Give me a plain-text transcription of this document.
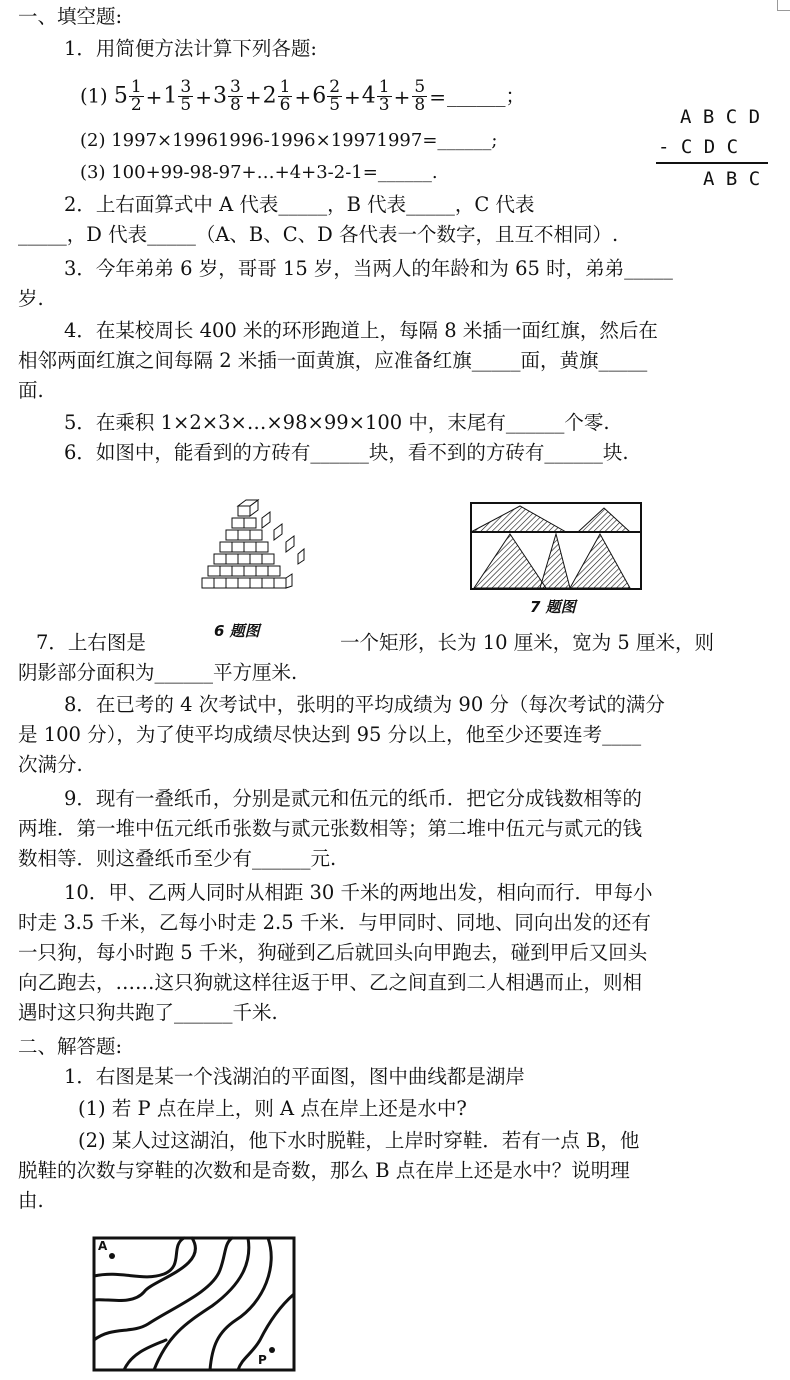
一、填空题:
1．用简便方法计算下列各题:
(1) $5 \frac{1}{2} +1 \frac{3}{5} +3 \frac{3}{8} +2 \frac{1}{6} +6 \frac{2}{5} +4 \frac{1}{3} + \frac{5}{8}$ =______；
(2) 1997×19961996-1996×19971997=______;
(3) 100+99-98-97+…+4+3-2-1=______.
A B C D
- C D C
A B C
2．上右面算式中 A 代表_____，B 代表_____，C 代表
_____，D 代表_____（A、B、C、D 各代表一个数字，且互不相同）.
3．今年弟弟 6 岁，哥哥 15 岁，当两人的年龄和为 65 时，弟弟_____
岁.
4．在某校周长 400 米的环形跑道上，每隔 8 米插一面红旗，然后在
相邻两面红旗之间每隔 2 米插一面黄旗，应准备红旗_____面，黄旗_____
面.
5．在乘积 1×2×3×…×98×99×100 中，末尾有______个零.
6．如图中，能看到的方砖有______块，看不到的方砖有______块.
6 题图
7 题图
7．上右图是	一个矩形，长为 10 厘米，宽为 5 厘米，则
阴影部分面积为______平方厘米.
8．在已考的 4 次考试中，张明的平均成绩为 90 分（每次考试的满分
是 100 分），为了使平均成绩尽快达到 95 分以上，他至少还要连考____
次满分.
9．现有一叠纸币，分别是贰元和伍元的纸币．把它分成钱数相等的
两堆．第一堆中伍元纸币张数与贰元张数相等；第二堆中伍元与贰元的钱
数相等．则这叠纸币至少有______元.
10．甲、乙两人同时从相距 30 千米的两地出发，相向而行．甲每小
时走 3.5 千米，乙每小时走 2.5 千米．与甲同时、同地、同向出发的还有
一只狗，每小时跑 5 千米，狗碰到乙后就回头向甲跑去，碰到甲后又回头
向乙跑去，……这只狗就这样往返于甲、乙之间直到二人相遇而止，则相
遇时这只狗共跑了______千米.
二、解答题:
1．右图是某一个浅湖泊的平面图，图中曲线都是湖岸
(1) 若 P 点在岸上，则 A 点在岸上还是水中?
(2) 某人过这湖泊，他下水时脱鞋，上岸时穿鞋．若有一点 B，他
脱鞋的次数与穿鞋的次数和是奇数，那么 B 点在岸上还是水中？说明理
由.
A
P
